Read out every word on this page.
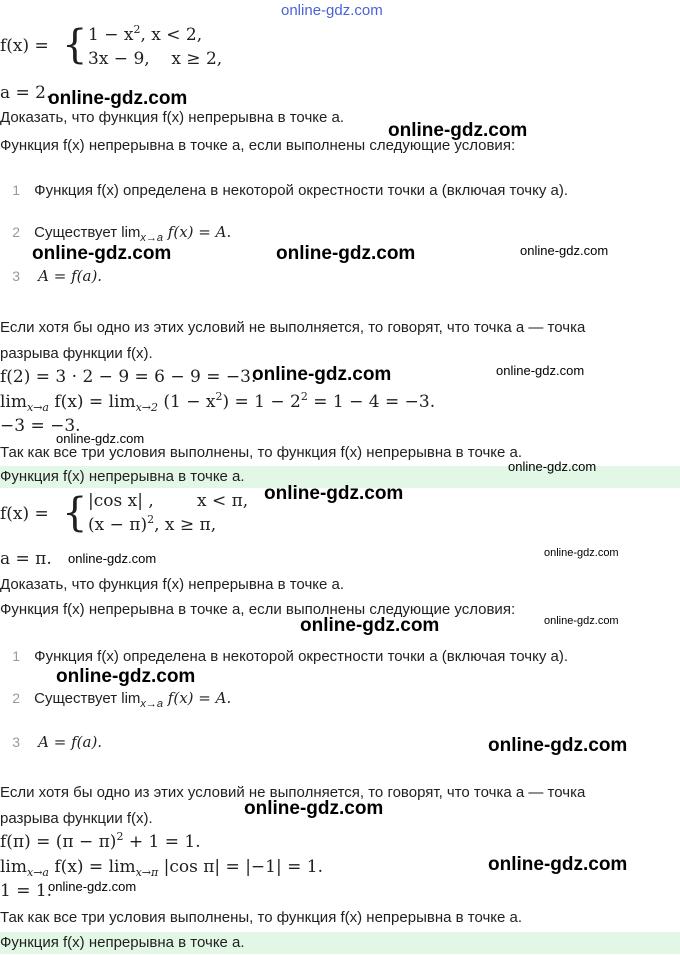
online-gdz.com
f(x) = { $1 - x^2$, x < 2,
3x − 9, x ≥ 2,
a = 2.
Доказать, что функция f(x) непрерывна в точке a.
Функция f(x) непрерывна в точке a, если выполнены следующие условия:
1 Функция f(x) определена в некоторой окрестности точки a (включая точку a).
2 Существует $\lim_{x\to a} f(x) = A$.
3 A = f(a).
Если хотя бы одно из этих условий не выполняется, то говорят, что точка a — точка
разрыва функции f(x).
f(2) = 3 · 2 − 9 = 6 − 9 = −3.
$\lim_{x\to a} f(x) = \lim_{x\to 2} (1 - x^2) = 1 - 2^2 = 1 - 4 = -3$.
−3 = −3.
Так как все три условия выполнены, то функция f(x) непрерывна в точке a.
Функция f(x) непрерывна в точке a.
f(x) = { |cos x| ,	x < π,
$(x - \pi)^2$, x ≥ π,
a = π.
Доказать, что функция f(x) непрерывна в точке a.
Функция f(x) непрерывна в точке a, если выполнены следующие условия:
1 Функция f(x) определена в некоторой окрестности точки a (включая точку a).
2 Существует $\lim_{x\to a} f(x) = A$.
3 A = f(a).
Если хотя бы одно из этих условий не выполняется, то говорят, что точка a — точка
разрыва функции f(x).
$f(\pi) = (\pi - \pi)^2 + 1 = 1$.
$\lim_{x\to a} f(x) = \lim_{x\to\pi} |\cos$ π| = |−1| = 1.
1 = 1.
Так как все три условия выполнены, то функция f(x) непрерывна в точке a.
Функция f(x) непрерывна в точке a.
online-gdz.com
online-gdz.com
online-gdz.com	online-gdz.com	online-gdz.com
online-gdz.com	online-gdz.com
online-gdz.com
online-gdz.com
online-gdz.com
online-gdz.com	online-gdz.com
online-gdz.com	online-gdz.com
online-gdz.com
online-gdz.com
online-gdz.com
online-gdz.com
online-gdz.com
